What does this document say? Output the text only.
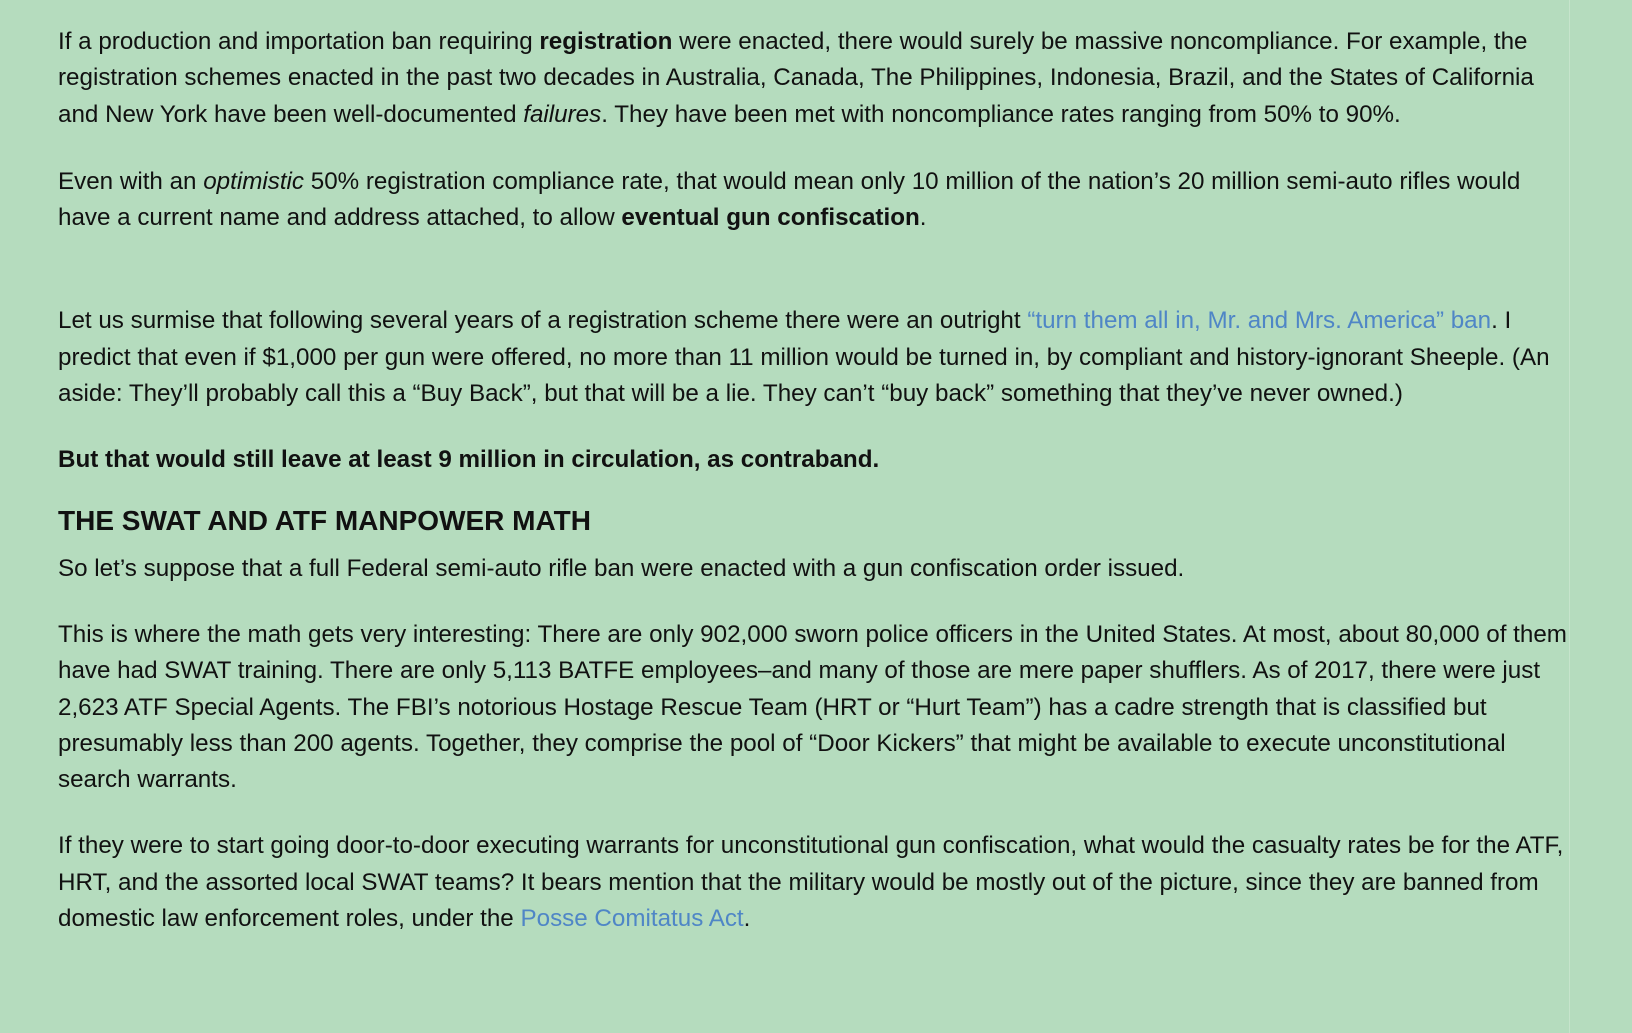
If a production and importation ban requiring registration were enacted, there would surely be massive noncompliance. For example, the registration schemes enacted in the past two decades in Australia, Canada, The Philippines, Indonesia, Brazil, and the States of California and New York have been well-documented failures. They have been met with noncompliance rates ranging from 50% to 90%.

Even with an optimistic 50% registration compliance rate, that would mean only 10 million of the nation’s 20 million semi-auto rifles would have a current name and address attached, to allow eventual gun confiscation.

Let us surmise that following several years of a registration scheme there were an outright “turn them all in, Mr. and Mrs. America” ban. I predict that even if $1,000 per gun were offered, no more than 11 million would be turned in, by compliant and history-ignorant Sheeple. (An aside: They’ll probably call this a “Buy Back”, but that will be a lie. They can’t “buy back” something that they’ve never owned.)

But that would still leave at least 9 million in circulation, as contraband.

THE SWAT AND ATF MANPOWER MATH

So let’s suppose that a full Federal semi-auto rifle ban were enacted with a gun confiscation order issued.

This is where the math gets very interesting: There are only 902,000 sworn police officers in the United States. At most, about 80,000 of them have had SWAT training. There are only 5,113 BATFE employees–and many of those are mere paper shufflers. As of 2017, there were just 2,623 ATF Special Agents. The FBI’s notorious Hostage Rescue Team (HRT or “Hurt Team”) has a cadre strength that is classified but presumably less than 200 agents. Together, they comprise the pool of “Door Kickers” that might be available to execute unconstitutional search warrants.

If they were to start going door-to-door executing warrants for unconstitutional gun confiscation, what would the casualty rates be for the ATF, HRT, and the assorted local SWAT teams? It bears mention that the military would be mostly out of the picture, since they are banned from domestic law enforcement roles, under the Posse Comitatus Act.
